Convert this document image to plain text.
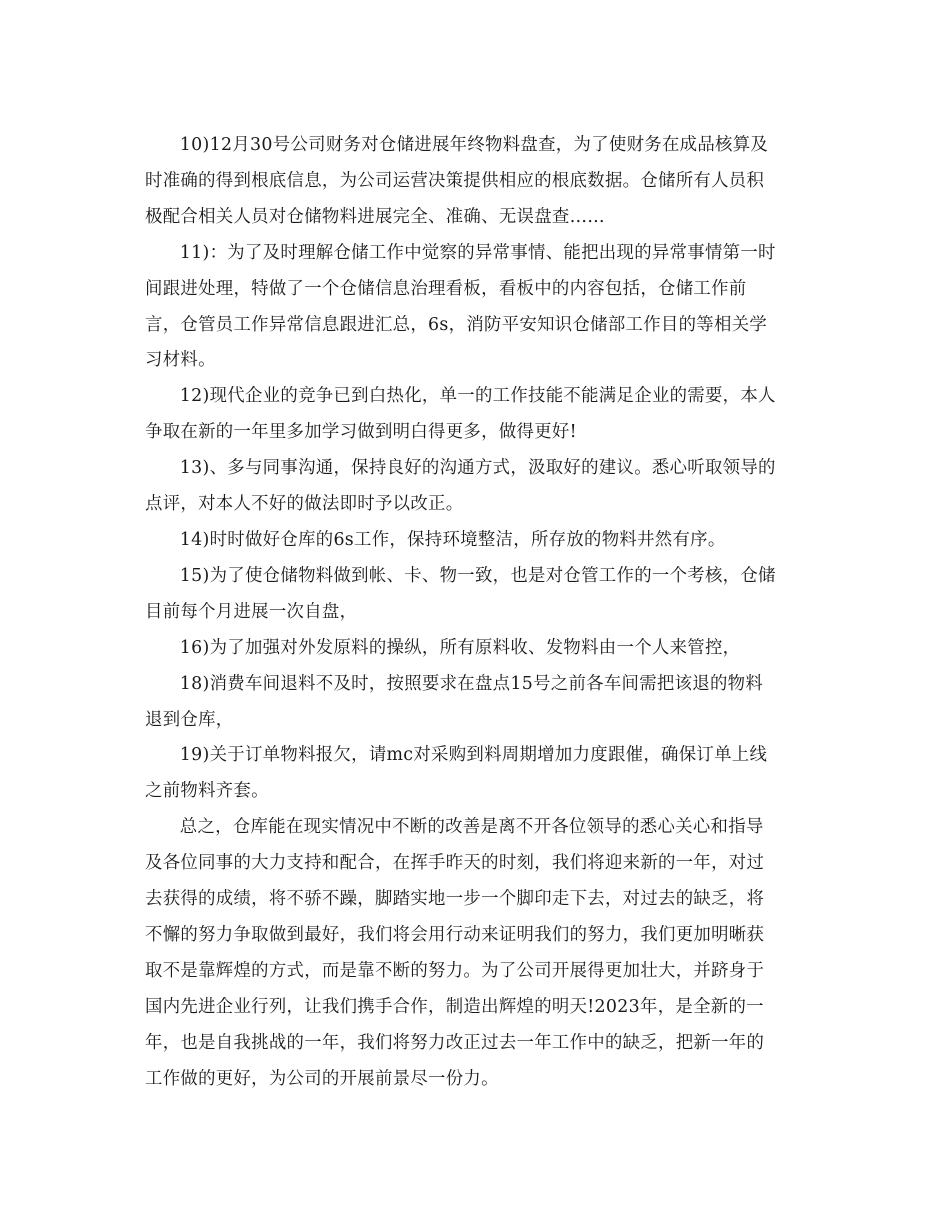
10)12月30号公司财务对仓储进展年终物料盘查，为了使财务在成品核算及
时准确的得到根底信息，为公司运营决策提供相应的根底数据。仓储所有人员积
极配合相关人员对仓储物料进展完全、准确、无误盘查……

11)：为了及时理解仓储工作中觉察的异常事情、能把出现的异常事情第一时
间跟进处理，特做了一个仓储信息治理看板，看板中的内容包括，仓储工作前
言，仓管员工作异常信息跟进汇总，6s，消防平安知识仓储部工作目的等相关学
习材料。

12)现代企业的竞争已到白热化，单一的工作技能不能满足企业的需要，本人
争取在新的一年里多加学习做到明白得更多，做得更好!

13)、多与同事沟通，保持良好的沟通方式，汲取好的建议。悉心听取领导的
点评，对本人不好的做法即时予以改正。

14)时时做好仓库的6s工作，保持环境整洁，所存放的物料井然有序。

15)为了使仓储物料做到帐、卡、物一致，也是对仓管工作的一个考核，仓储
目前每个月进展一次自盘，

16)为了加强对外发原料的操纵，所有原料收、发物料由一个人来管控，

18)消费车间退料不及时，按照要求在盘点15号之前各车间需把该退的物料
退到仓库，

19)关于订单物料报欠，请mc对采购到料周期增加力度跟催，确保订单上线
之前物料齐套。

总之，仓库能在现实情况中不断的改善是离不开各位领导的悉心关心和指导
及各位同事的大力支持和配合，在挥手昨天的时刻，我们将迎来新的一年，对过
去获得的成绩，将不骄不躁，脚踏实地一步一个脚印走下去，对过去的缺乏，将
不懈的努力争取做到最好，我们将会用行动来证明我们的努力，我们更加明晰获
取不是靠辉煌的方式，而是靠不断的努力。为了公司开展得更加壮大，并跻身于
国内先进企业行列，让我们携手合作，制造出辉煌的明天!2023年，是全新的一
年，也是自我挑战的一年，我们将努力改正过去一年工作中的缺乏，把新一年的
工作做的更好，为公司的开展前景尽一份力。
